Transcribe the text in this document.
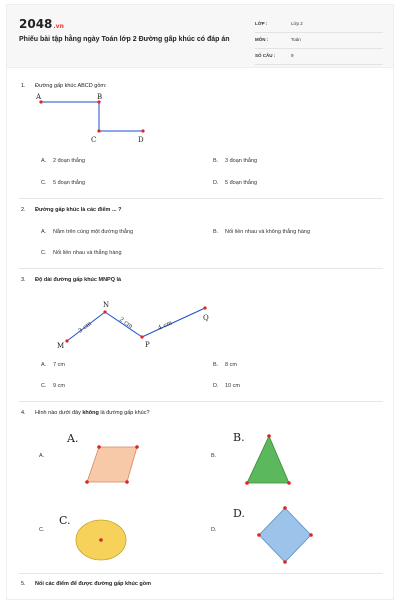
2048.vn
Phiếu bài tập hằng ngày Toán lớp 2 Đường gấp khúc có đáp án
LỚP :	Lớp 2
MÔN :	Toán
SỐ CÂU :	9
1. Đường gấp khúc ABCD gồm:
A	B
C	D
A. 2 đoạn thẳng	B. 3 đoạn thẳng
C. 5 đoạn thẳng	D. 5 đoạn thẳng
2. Đường gấp khúc là các điểm ... ?
A. Nằm trên cùng một đường thẳng	B. Nối liền nhau và không thẳng hàng
C. Nối liền nhau và thẳng hàng
3. Độ dài đường gấp khúc MNPQ là
M
N
P
Q
3 cm	2 cm	4 cm
A. 7 cm	B. 8 cm
C. 9 cm	D. 10 cm
4. Hình nào dưới đây không là đường gấp khúc?
A.
A.
B.
B.
C.
C.
D.
D.
5. Nối các điểm để được đường gấp khúc gồm
